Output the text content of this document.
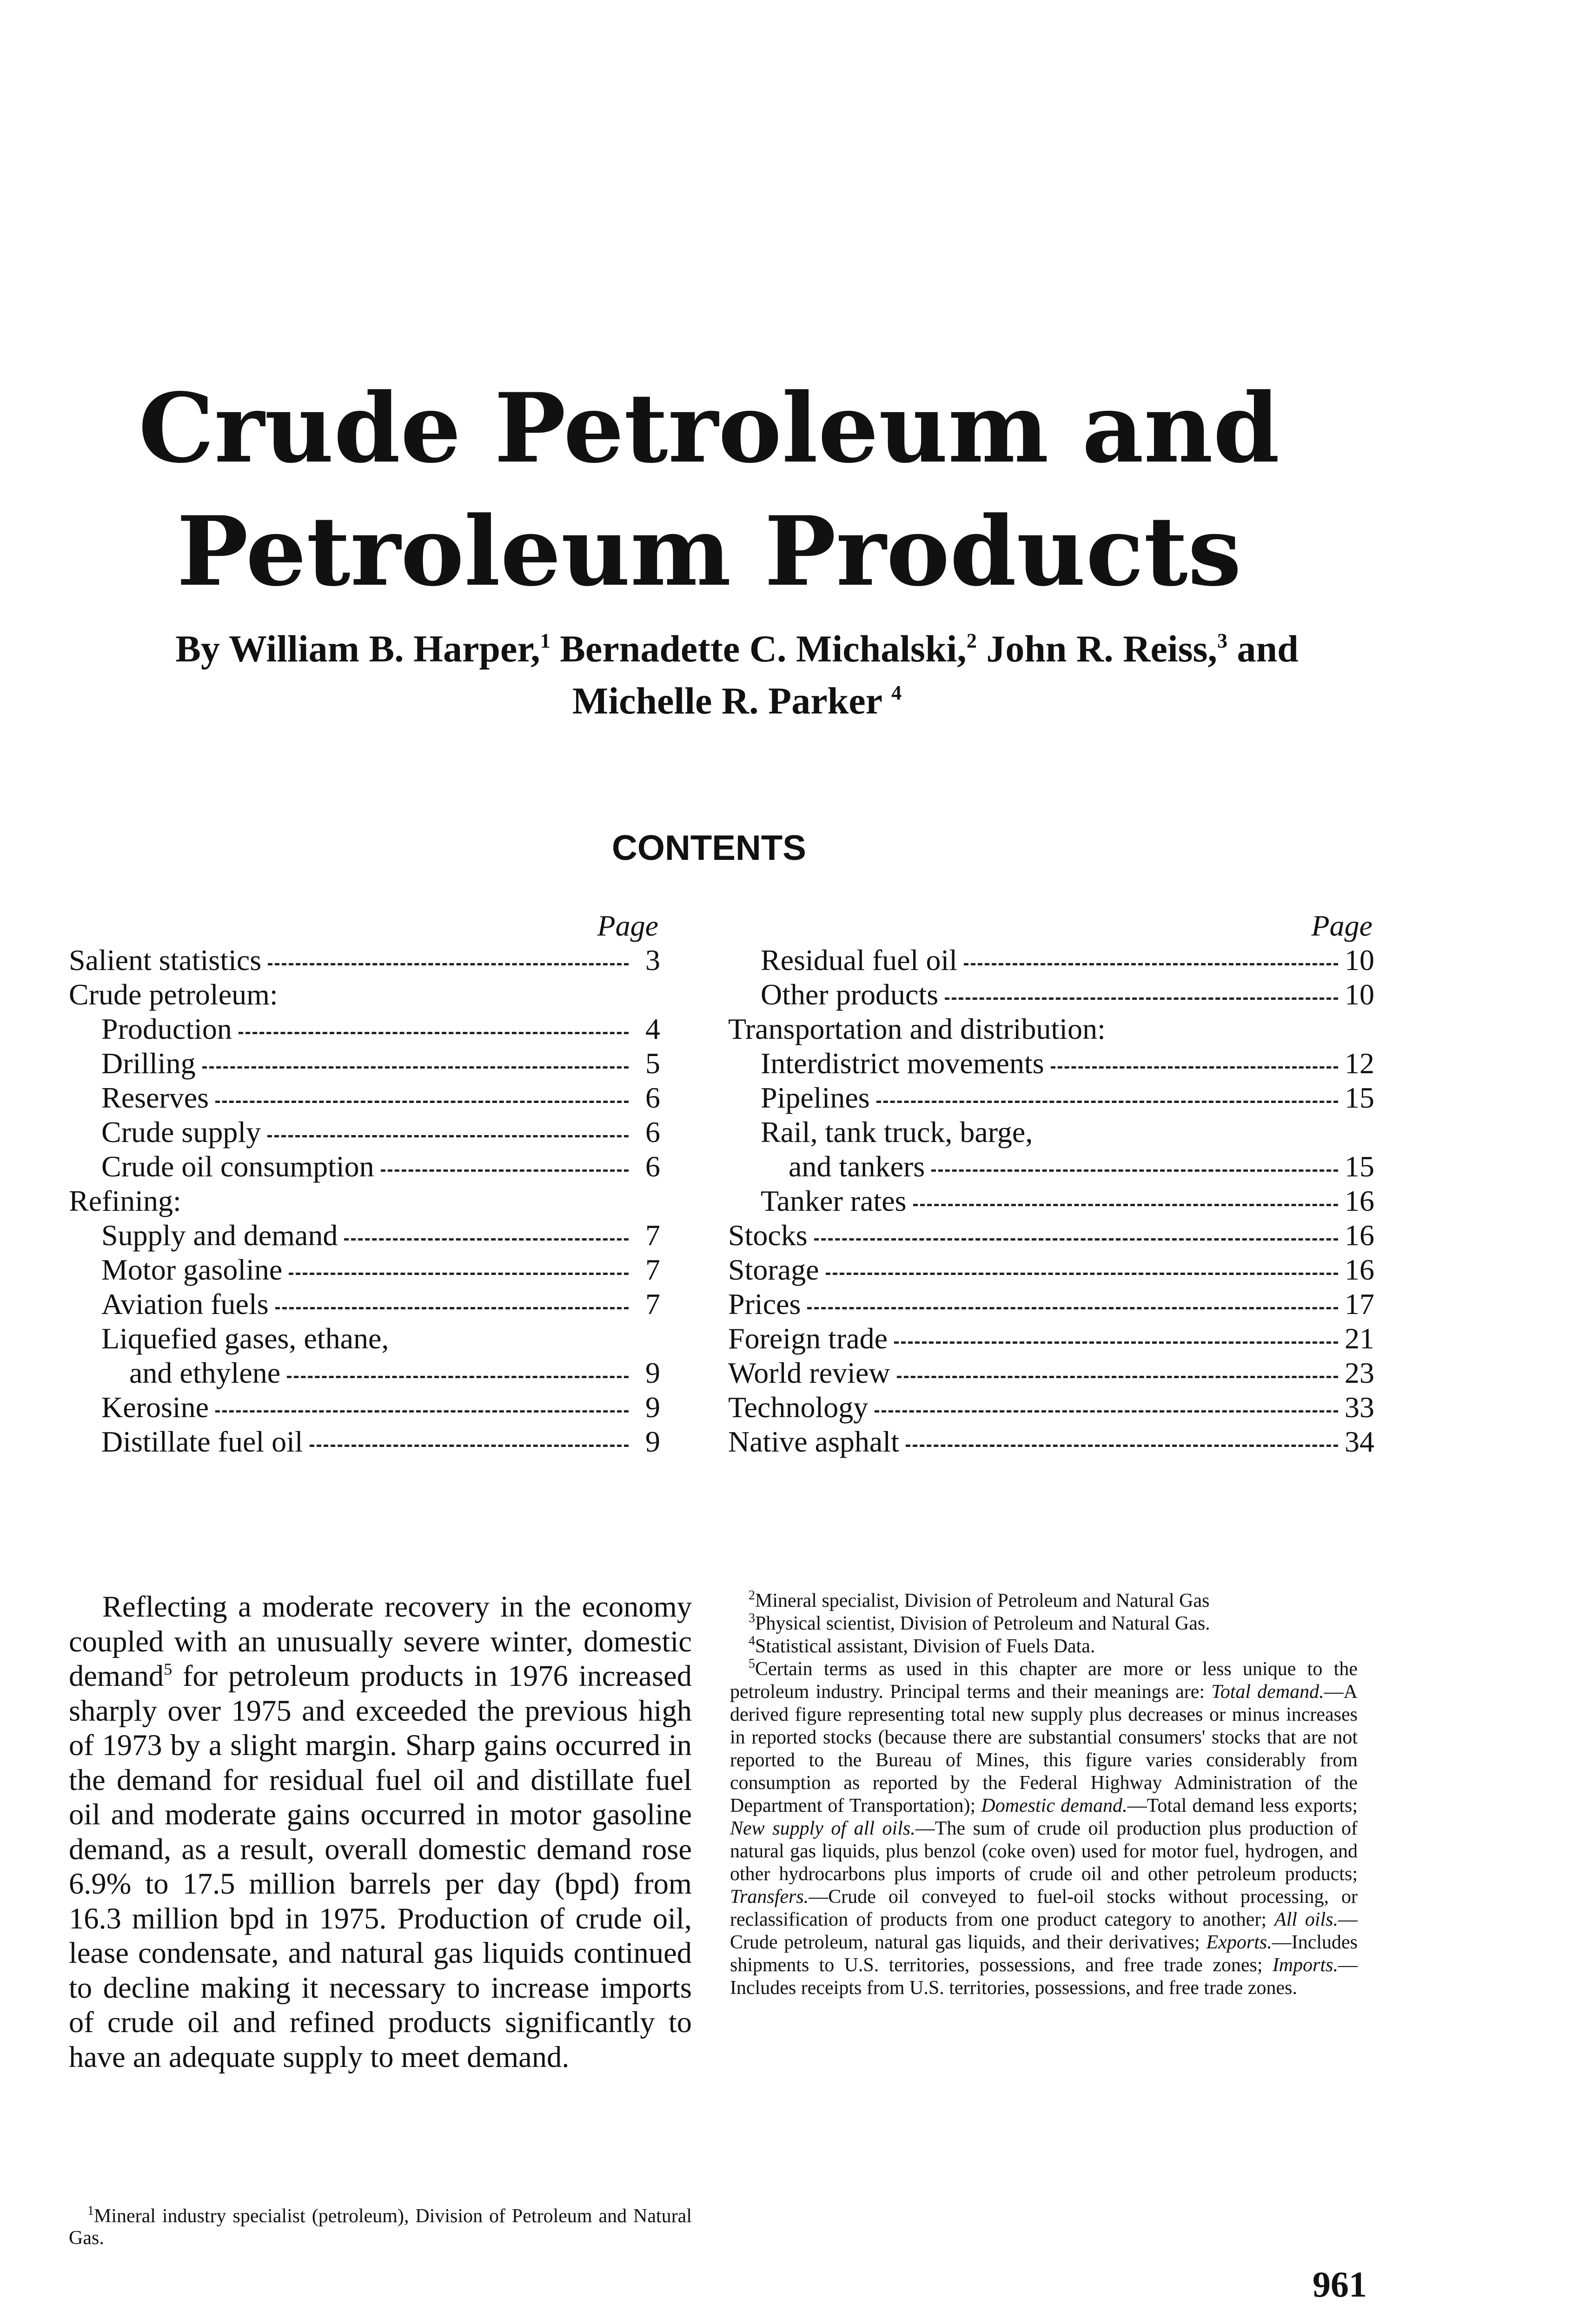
Crude Petroleum and
Petroleum Products
By William B. Harper,$^1$ Bernadette C. Michalski,$^2$ John R. Reiss,$^3$ and
Michelle R. Parker $^4$
CONTENTS
Page
Salient statistics	3
Crude petroleum:
Production	4
Drilling	5
Reserves	6
Crude supply	6
Crude oil consumption	6
Refining:
Supply and demand	7
Motor gasoline	7
Aviation fuels	7
Liquefied gases, ethane,
and ethylene	9
Kerosine	9
Distillate fuel oil	9
Page
Residual fuel oil	10
Other products	10
Transportation and distribution:
Interdistrict movements	12
Pipelines	15
Rail, tank truck, barge,
and tankers	15
Tanker rates	16
Stocks	16
Storage	16
Prices	17
Foreign trade	21
World review	23
Technology	33
Native asphalt	34
Reflecting a moderate recovery in the economy coupled with an unusually severe winter, domestic demand$^5$ for petroleum products in 1976 increased sharply over 1975 and exceeded the previous high of 1973 by a slight margin. Sharp gains occurred in the demand for residual fuel oil and distillate fuel oil and moderate gains occurred in motor gasoline demand, as a result, overall domestic demand rose 6.9% to 17.5 million barrels per day (bpd) from 16.3 million bpd in 1975. Production of crude oil, lease condensate, and natural gas liquids continued to decline making it necessary to increase imports of crude oil and refined products significantly to have an adequate supply to meet demand.

$^1$Mineral industry specialist (petroleum), Division of Petroleum and Natural Gas.

$^2$Mineral specialist, Division of Petroleum and Natural Gas

$^3$Physical scientist, Division of Petroleum and Natural Gas.

$^4$Statistical assistant, Division of Fuels Data.

$^5$Certain terms as used in this chapter are more or less unique to the petroleum industry. Principal terms and their meanings are: Total demand.—A derived figure representing total new supply plus decreases or minus increases in reported stocks (because there are substantial consumers' stocks that are not reported to the Bureau of Mines, this figure varies considerably from consumption as reported by the Federal Highway Administration of the Department of Transportation); Domestic demand.—Total demand less exports; New supply of all oils.—The sum of crude oil production plus production of natural gas liquids, plus benzol (coke oven) used for motor fuel, hydrogen, and other hydrocarbons plus imports of crude oil and other petroleum products; Transfers.—Crude oil conveyed to fuel-oil stocks without processing, or reclassification of products from one product category to another; All oils.—Crude petroleum, natural gas liquids, and their derivatives; Exports.—Includes shipments to U.S. territories, possessions, and free trade zones; Imports.—Includes receipts from U.S. territories, possessions, and free trade zones.

961
